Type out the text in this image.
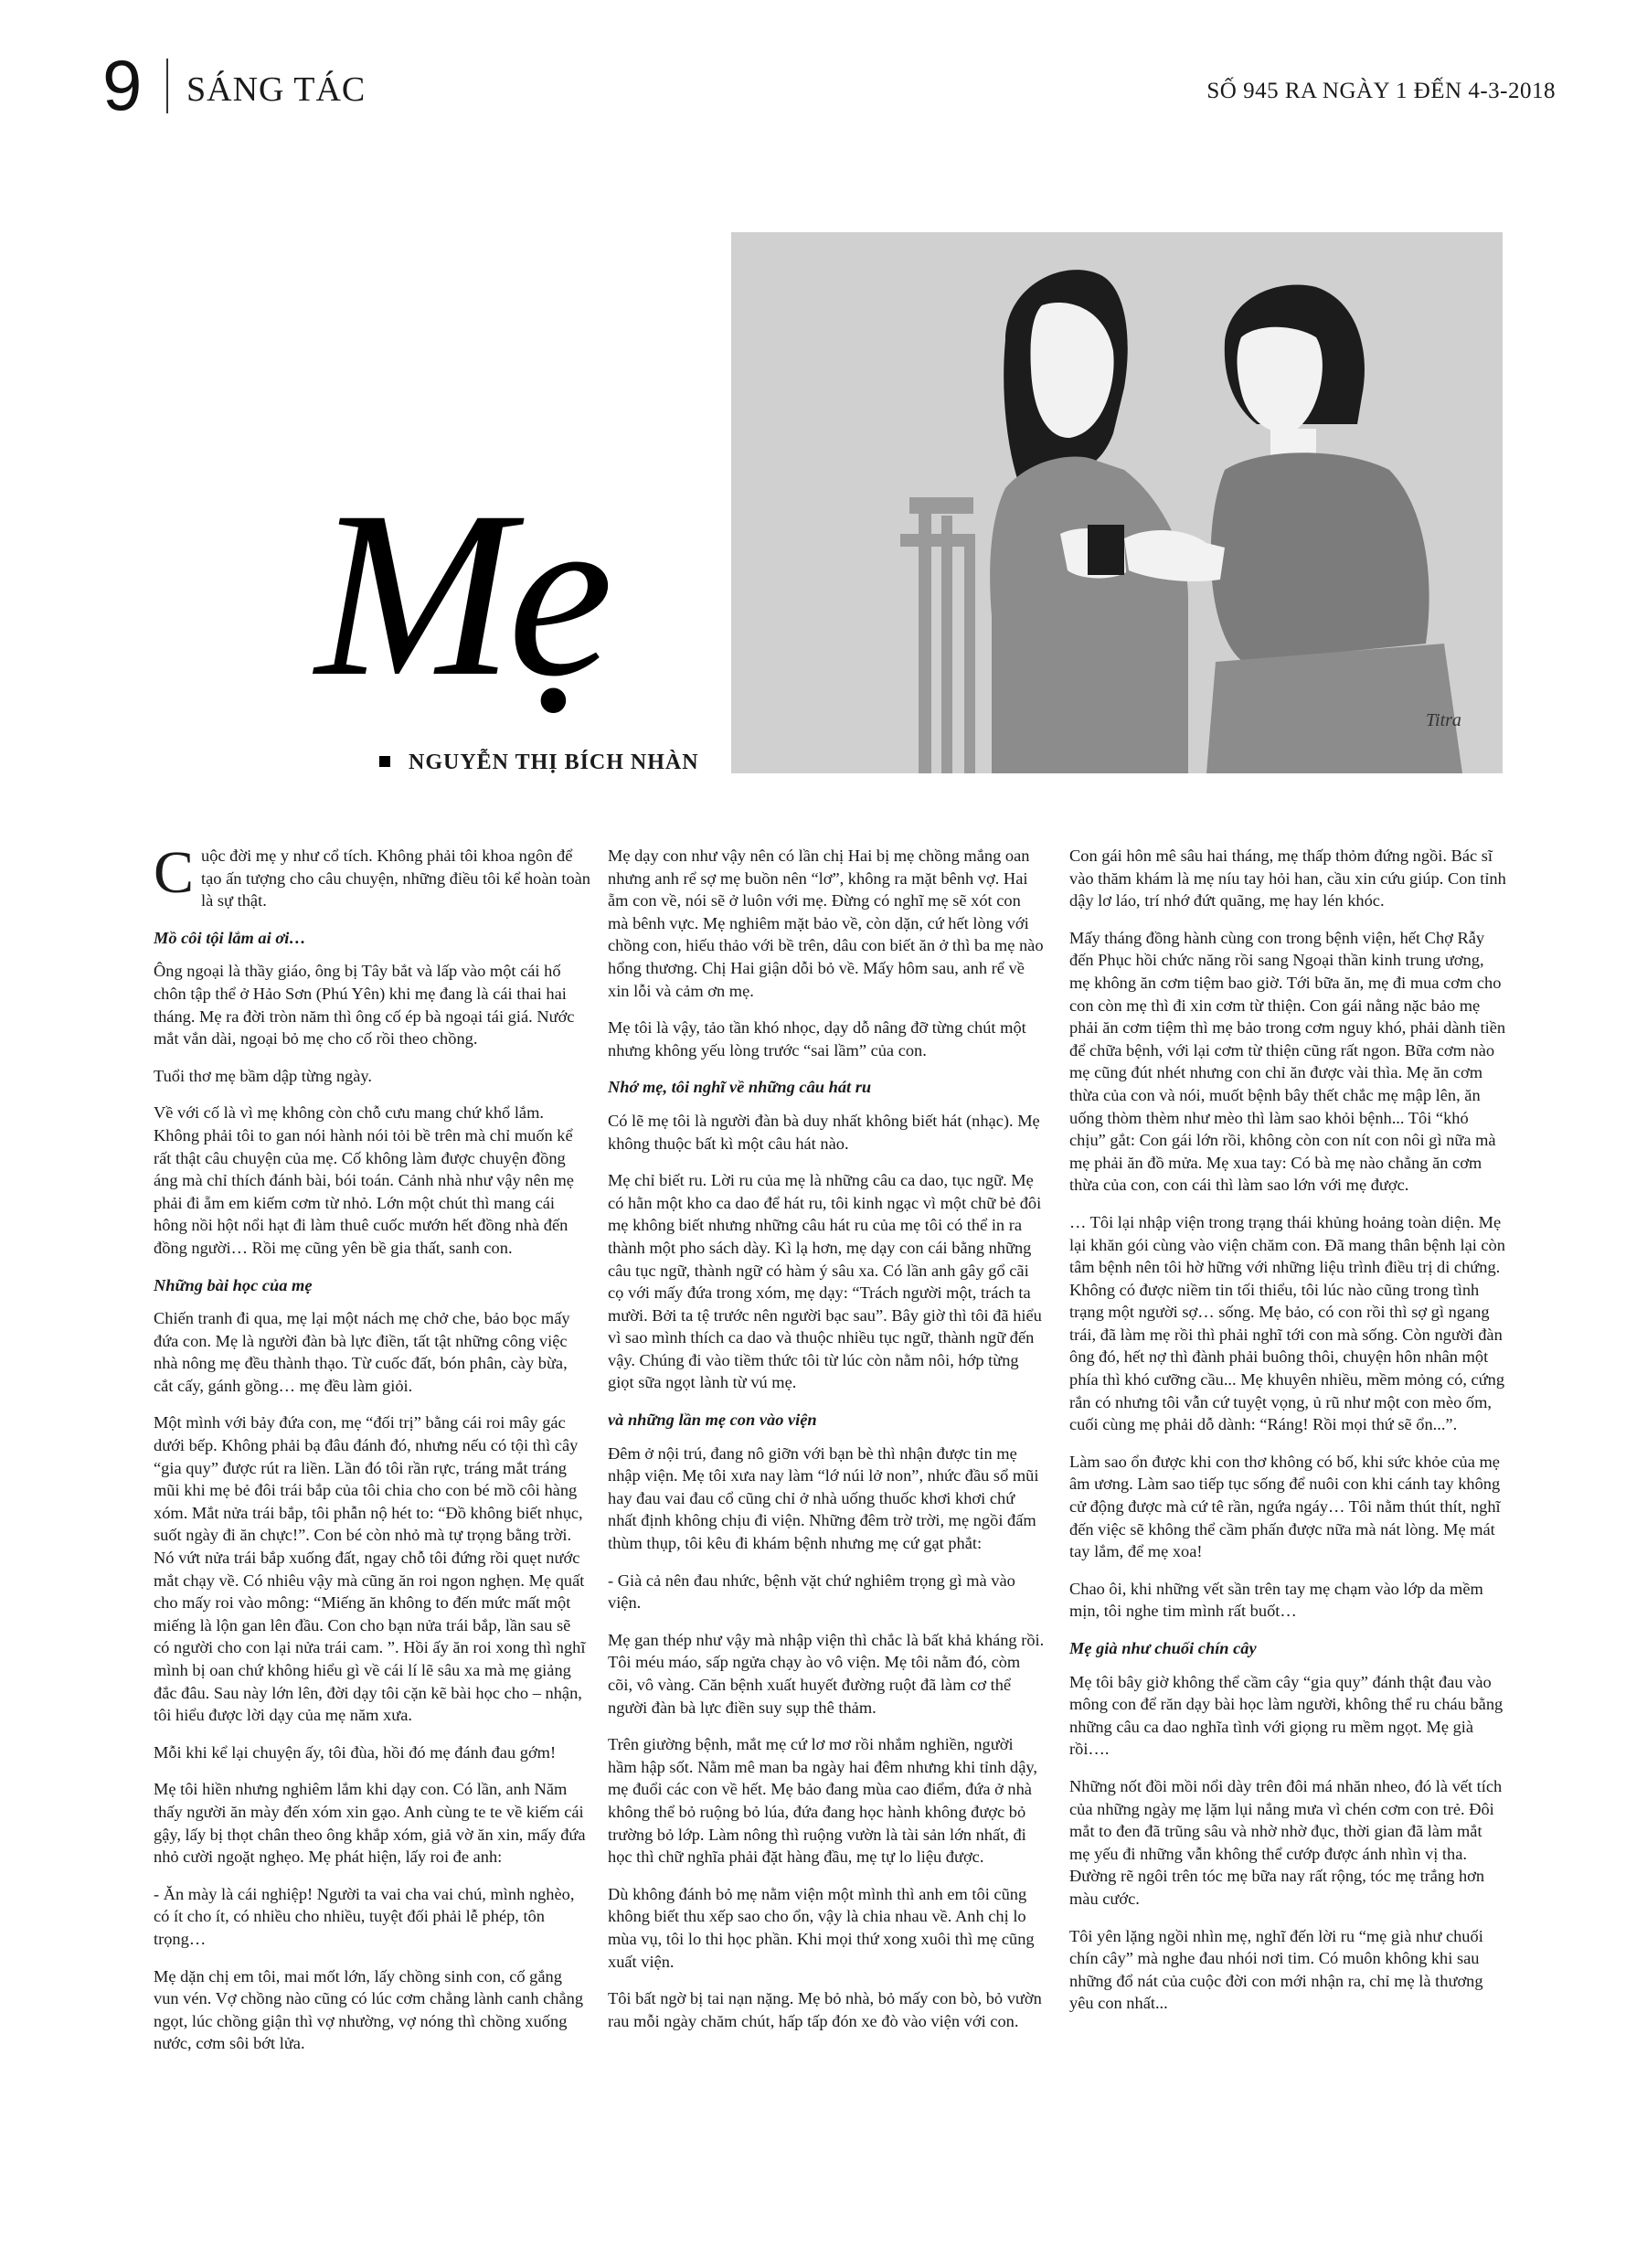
9 SÁNG TÁC	SỐ 945 RA NGÀY 1 ĐẾN 4-3-2018
Titra
Mẹ
NGUYỄN THỊ BÍCH NHÀN

Cuộc đời mẹ y như cổ tích. Không phải tôi khoa ngôn để tạo ấn tượng cho câu chuyện, những điều tôi kể hoàn toàn là sự thật.

Mồ côi tội lắm ai ơi…

Ông ngoại là thầy giáo, ông bị Tây bắt và lấp vào một cái hố chôn tập thể ở Hảo Sơn (Phú Yên) khi mẹ đang là cái thai hai tháng. Mẹ ra đời tròn năm thì ông cố ép bà ngoại tái giá. Nước mắt vắn dài, ngoại bỏ mẹ cho cố rồi theo chồng.

Tuổi thơ mẹ bầm dập từng ngày.

Về với cố là vì mẹ không còn chỗ cưu mang chứ khổ lắm. Không phải tôi to gan nói hành nói tỏi bề trên mà chỉ muốn kể rất thật câu chuyện của mẹ. Cố không làm được chuyện đồng áng mà chỉ thích đánh bài, bói toán. Cảnh nhà như vậy nên mẹ phải đi ẵm em kiếm cơm từ nhỏ. Lớn một chút thì mang cái hông nồi hột nổi hạt đi làm thuê cuốc mướn hết đồng nhà đến đồng người… Rồi mẹ cũng yên bề gia thất, sanh con.

Những bài học của mẹ

Chiến tranh đi qua, mẹ lại một nách mẹ chở che, bảo bọc mấy đứa con. Mẹ là người đàn bà lực điền, tất tật những công việc nhà nông mẹ đều thành thạo. Từ cuốc đất, bón phân, cày bừa, cắt cấy, gánh gồng… mẹ đều làm giỏi.

Một mình với bảy đứa con, mẹ “đối trị” bằng cái roi mây gác dưới bếp. Không phải bạ đâu đánh đó, nhưng nếu có tội thì cây “gia quy” được rút ra liền. Lần đó tôi rần rực, tráng mắt tráng mũi khi mẹ bẻ đôi trái bắp của tôi chia cho con bé mồ côi hàng xóm. Mắt nửa trái bắp, tôi phẫn nộ hét to: “Đồ không biết nhục, suốt ngày đi ăn chực!”. Con bé còn nhỏ mà tự trọng bằng trời. Nó vứt nửa trái bắp xuống đất, ngay chỗ tôi đứng rồi quẹt nước mắt chạy về. Có nhiêu vậy mà cũng ăn roi ngon nghẹn. Mẹ quất cho mấy roi vào mông: “Miếng ăn không to đến mức mất một miếng là lộn gan lên đầu. Con cho bạn nửa trái bắp, lần sau sẽ có người cho con lại nửa trái cam. ”. Hồi ấy ăn roi xong thì nghĩ mình bị oan chứ không hiểu gì về cái lí lẽ sâu xa mà mẹ giảng đắc đâu. Sau này lớn lên, đời dạy tôi cặn kẽ bài học cho – nhận, tôi hiểu được lời dạy của mẹ năm xưa.

Mỗi khi kể lại chuyện ấy, tôi đùa, hồi đó mẹ đánh đau gớm!

Mẹ tôi hiền nhưng nghiêm lắm khi dạy con. Có lần, anh Năm thấy người ăn mày đến xóm xin gạo. Anh cùng te te về kiếm cái gậy, lấy bị thọt chân theo ông khắp xóm, giả vờ ăn xin, mấy đứa nhỏ cười ngoặt nghẹo. Mẹ phát hiện, lấy roi đe anh:

- Ăn mày là cái nghiệp! Người ta vai cha vai chú, mình nghèo, có ít cho ít, có nhiều cho nhiều, tuyệt đối phải lễ phép, tôn trọng…

Mẹ dặn chị em tôi, mai mốt lớn, lấy chồng sinh con, cố gắng vun vén. Vợ chồng nào cũng có lúc cơm chẳng lành canh chẳng ngọt, lúc chồng giận thì vợ nhường, vợ nóng thì chồng xuống nước, cơm sôi bớt lửa.

Mẹ dạy con như vậy nên có lần chị Hai bị mẹ chồng mắng oan nhưng anh rể sợ mẹ buồn nên “lơ”, không ra mặt bênh vợ. Hai ẵm con về, nói sẽ ở luôn với mẹ. Đừng có nghĩ mẹ sẽ xót con mà bênh vực. Mẹ nghiêm mặt bảo về, còn dặn, cứ hết lòng với chồng con, hiếu thảo với bề trên, dâu con biết ăn ở thì ba mẹ nào hổng thương. Chị Hai giận dỗi bỏ về. Mấy hôm sau, anh rể về xin lỗi và cảm ơn mẹ.

Mẹ tôi là vậy, tảo tần khó nhọc, dạy dỗ nâng đỡ từng chút một nhưng không yếu lòng trước “sai lầm” của con.

Nhớ mẹ, tôi nghĩ về những câu hát ru

Có lẽ mẹ tôi là người đàn bà duy nhất không biết hát (nhạc). Mẹ không thuộc bất kì một câu hát nào.

Mẹ chỉ biết ru. Lời ru của mẹ là những câu ca dao, tục ngữ. Mẹ có hằn một kho ca dao để hát ru, tôi kinh ngạc vì một chữ bẻ đôi mẹ không biết nhưng những câu hát ru của mẹ tôi có thể in ra thành một pho sách dày. Kì lạ hơn, mẹ dạy con cái bằng những câu tục ngữ, thành ngữ có hàm ý sâu xa. Có lần anh gây gổ cãi cọ với mấy đứa trong xóm, mẹ dạy: “Trách người một, trách ta mười. Bởi ta tệ trước nên người bạc sau”. Bây giờ thì tôi đã hiểu vì sao mình thích ca dao và thuộc nhiều tục ngữ, thành ngữ đến vậy. Chúng đi vào tiềm thức tôi từ lúc còn nằm nôi, hớp từng giọt sữa ngọt lành từ vú mẹ.

và những lần mẹ con vào viện

Đêm ở nội trú, đang nô giỡn với bạn bè thì nhận được tin mẹ nhập viện. Mẹ tôi xưa nay làm “lớ núi lở non”, nhức đầu sổ mũi hay đau vai đau cổ cũng chỉ ở nhà uống thuốc khơi khơi chứ nhất định không chịu đi viện. Những đêm trờ trời, mẹ ngồi đấm thùm thụp, tôi kêu đi khám bệnh nhưng mẹ cứ gạt phắt:

- Già cả nên đau nhức, bệnh vặt chứ nghiêm trọng gì mà vào viện.

Mẹ gan thép như vậy mà nhập viện thì chắc là bất khả kháng rồi. Tôi méu máo, sấp ngửa chạy ào vô viện. Mẹ tôi nằm đó, còm cõi, vô vàng. Căn bệnh xuất huyết đường ruột đã làm cơ thể người đàn bà lực điền suy sụp thê thảm.

Trên giường bệnh, mắt mẹ cứ lơ mơ rồi nhắm nghiền, người hầm hập sốt. Nằm mê man ba ngày hai đêm nhưng khi tỉnh dậy, mẹ đuổi các con về hết. Mẹ bảo đang mùa cao điểm, đứa ở nhà không thể bỏ ruộng bỏ lúa, đứa đang học hành không được bỏ trường bỏ lớp. Làm nông thì ruộng vườn là tài sản lớn nhất, đi học thì chữ nghĩa phải đặt hàng đầu, mẹ tự lo liệu được.

Dù không đánh bỏ mẹ nằm viện một mình thì anh em tôi cũng không biết thu xếp sao cho ổn, vậy là chia nhau về. Anh chị lo mùa vụ, tôi lo thi học phần. Khi mọi thứ xong xuôi thì mẹ cũng xuất viện.

Tôi bất ngờ bị tai nạn nặng. Mẹ bỏ nhà, bỏ mấy con bò, bỏ vườn rau mỗi ngày chăm chút, hấp tấp đón xe đò vào viện với con.

Con gái hôn mê sâu hai tháng, mẹ thấp thỏm đứng ngồi. Bác sĩ vào thăm khám là mẹ níu tay hỏi han, cầu xin cứu giúp. Con tỉnh dậy lơ láo, trí nhớ đứt quãng, mẹ hay lén khóc.

Mấy tháng đồng hành cùng con trong bệnh viện, hết Chợ Rẫy đến Phục hồi chức năng rồi sang Ngoại thần kinh trung ương, mẹ không ăn cơm tiệm bao giờ. Tới bữa ăn, mẹ đi mua cơm cho con còn mẹ thì đi xin cơm từ thiện. Con gái nằng nặc bảo mẹ phải ăn cơm tiệm thì mẹ bảo trong cơm nguy khó, phải dành tiền để chữa bệnh, với lại cơm từ thiện cũng rất ngon. Bữa cơm nào mẹ cũng đút nhét nhưng con chỉ ăn được vài thìa. Mẹ ăn cơm thừa của con và nói, muốt bệnh bây thết chắc mẹ mập lên, ăn uống thòm thèm như mèo thì làm sao khỏi bệnh... Tôi “khó chịu” gắt: Con gái lớn rồi, không còn con nít con nôi gì nữa mà mẹ phải ăn đồ mửa. Mẹ xua tay: Có bà mẹ nào chẳng ăn cơm thừa của con, con cái thì làm sao lớn với mẹ được.

… Tôi lại nhập viện trong trạng thái khủng hoảng toàn diện. Mẹ lại khăn gói cùng vào viện chăm con. Đã mang thân bệnh lại còn tâm bệnh nên tôi hờ hững với những liệu trình điều trị di chứng. Không có được niềm tin tối thiểu, tôi lúc nào cũng trong tình trạng một người sợ… sống. Mẹ bảo, có con rồi thì sợ gì ngang trái, đã làm mẹ rồi thì phải nghĩ tới con mà sống. Còn người đàn ông đó, hết nợ thì đành phải buông thôi, chuyện hôn nhân một phía thì khó cưỡng cầu... Mẹ khuyên nhiều, mềm mỏng có, cứng rắn có nhưng tôi vẫn cứ tuyệt vọng, ủ rũ như một con mèo ốm, cuối cùng mẹ phải dỗ dành: “Ráng! Rồi mọi thứ sẽ ổn...”.

Làm sao ổn được khi con thơ không có bố, khi sức khỏe của mẹ âm ương. Làm sao tiếp tục sống để nuôi con khi cánh tay không cử động được mà cứ tê rần, ngứa ngáy… Tôi nằm thút thít, nghĩ đến việc sẽ không thể cầm phấn được nữa mà nát lòng. Mẹ mát tay lắm, để mẹ xoa!

Chao ôi, khi những vết sần trên tay mẹ chạm vào lớp da mềm mịn, tôi nghe tim mình rất buốt…

Mẹ già như chuối chín cây

Mẹ tôi bây giờ không thể cầm cây “gia quy” đánh thật đau vào mông con để răn dạy bài học làm người, không thể ru cháu bằng những câu ca dao nghĩa tình với giọng ru mềm ngọt. Mẹ già rồi….

Những nốt đồi mồi nổi dày trên đôi má nhăn nheo, đó là vết tích của những ngày mẹ lặm lụi nắng mưa vì chén cơm con trẻ. Đôi mắt to đen đã trũng sâu và nhờ nhờ đục, thời gian đã làm mắt mẹ yếu đi những vẫn không thể cướp được ánh nhìn vị tha. Đường rẽ ngôi trên tóc mẹ bữa nay rất rộng, tóc mẹ trắng hơn màu cước.

Tôi yên lặng ngồi nhìn mẹ, nghĩ đến lời ru “mẹ già như chuối chín cây” mà nghe đau nhói nơi tim. Có muôn không khi sau những đổ nát của cuộc đời con mới nhận ra, chỉ mẹ là thương yêu con nhất...
